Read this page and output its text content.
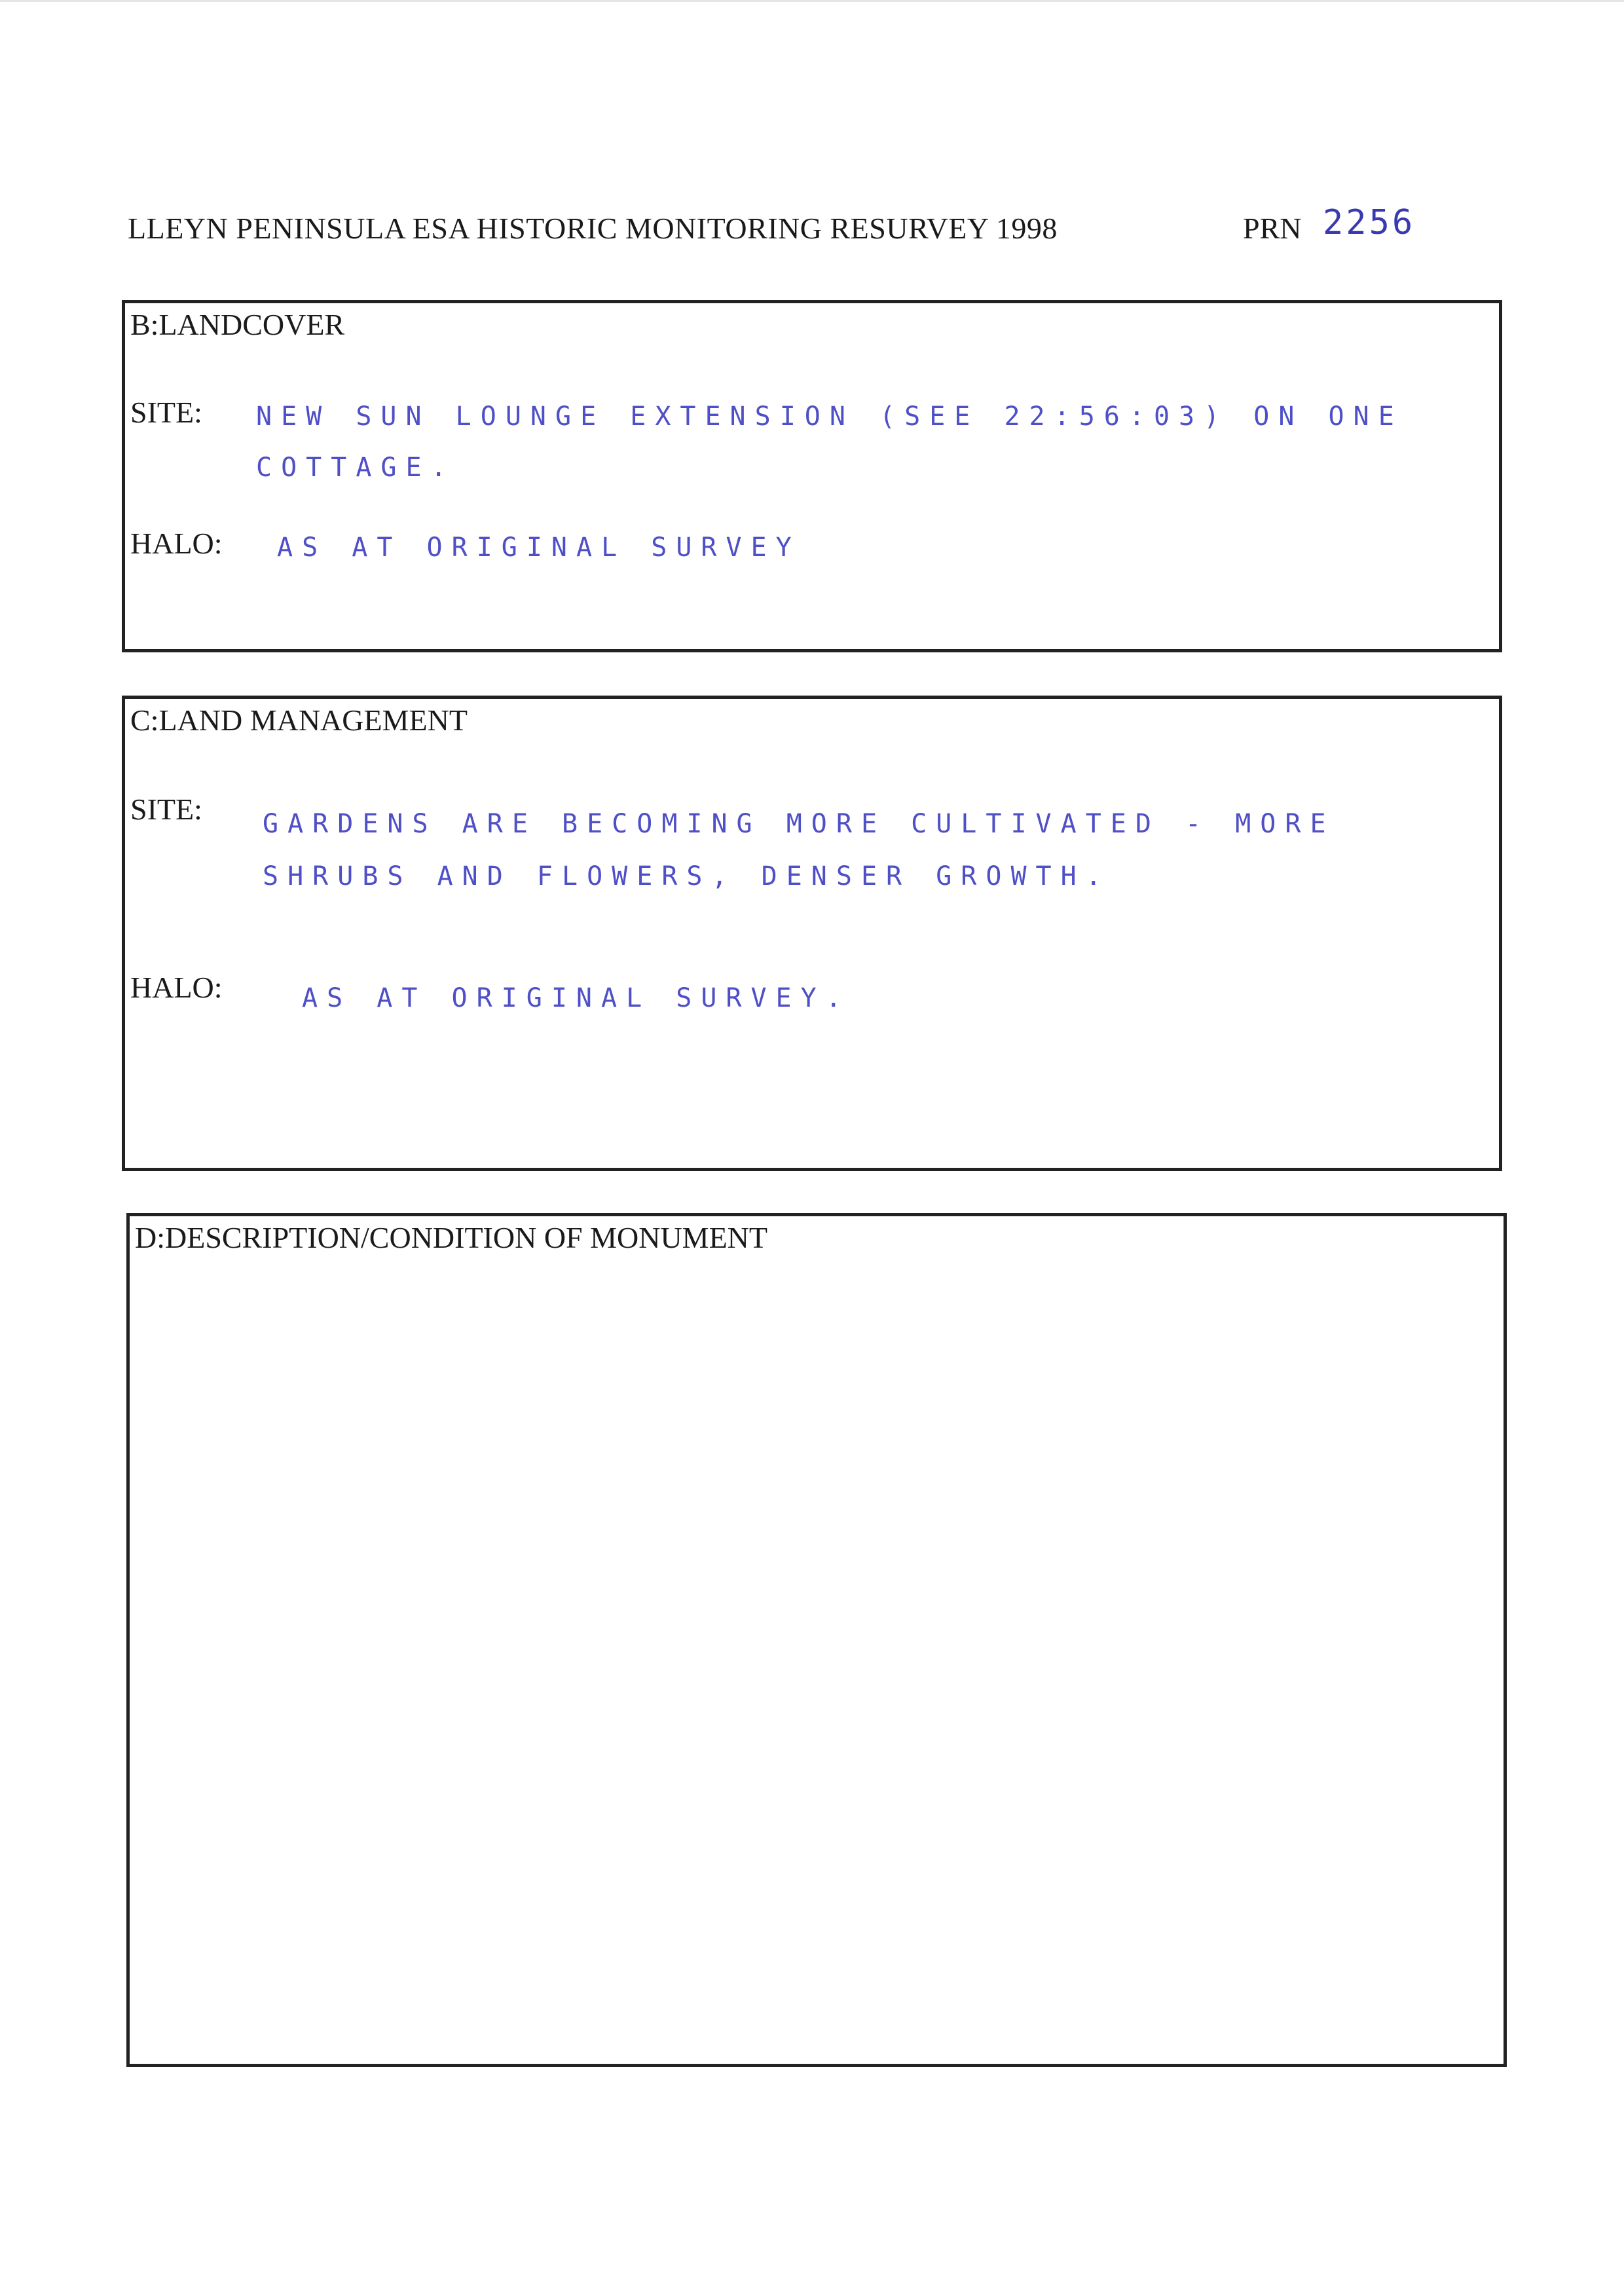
LLEYN PENINSULA ESA HISTORIC MONITORING RESURVEY 1998	PRN 2256
B:LANDCOVER
SITE: NEW SUN LOUNGE EXTENSION (SEE 22:56:03) ON ONE
COTTAGE.
HALO: AS AT ORIGINAL SURVEY
C:LAND MANAGEMENT
SITE: GARDENS ARE BECOMING MORE CULTIVATED - MORE
SHRUBS AND FLOWERS, DENSER GROWTH.
HALO:	AS AT ORIGINAL SURVEY.
D:DESCRIPTION/CONDITION OF MONUMENT
